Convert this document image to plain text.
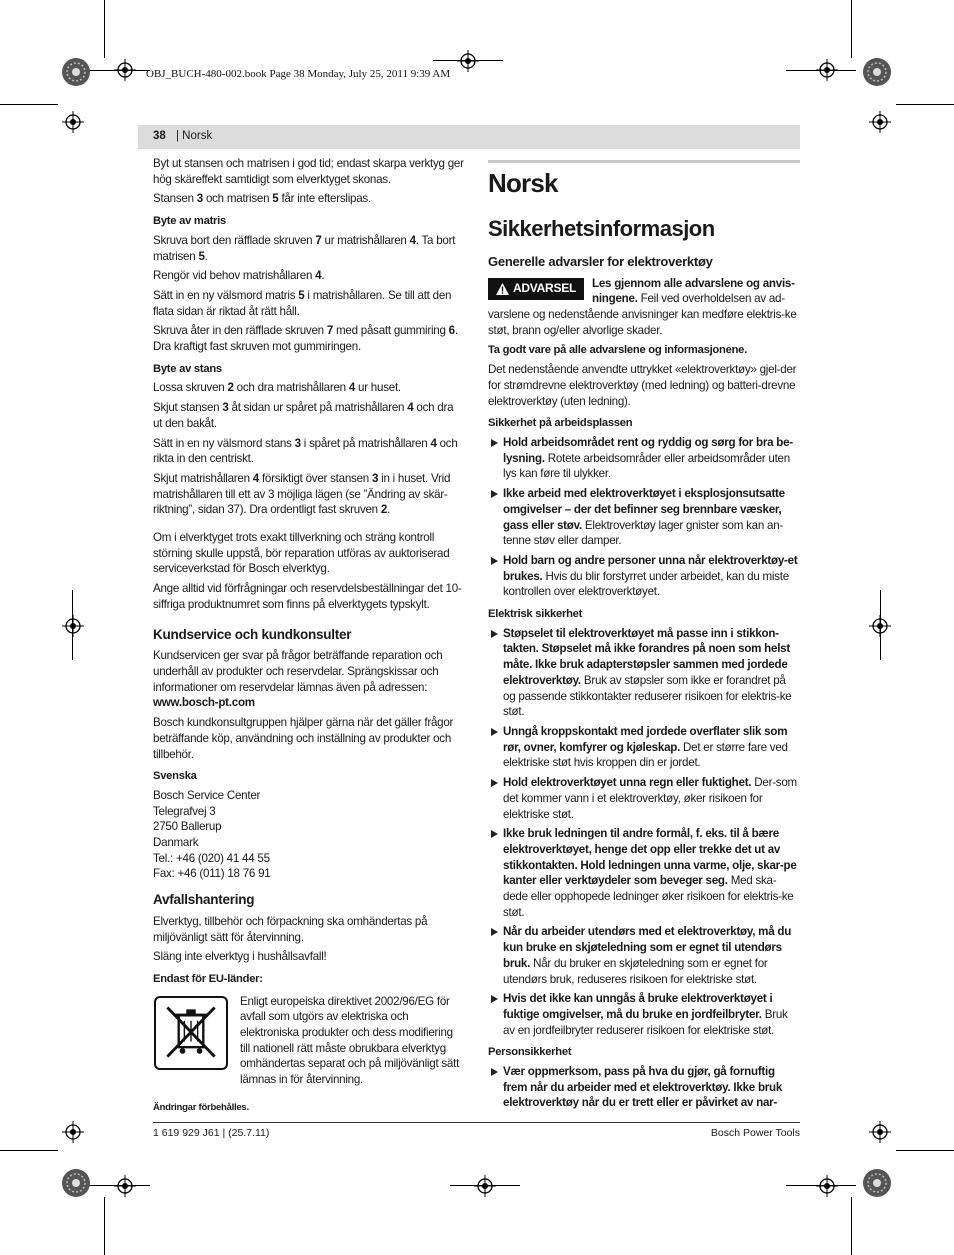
OBJ_BUCH-480-002.book Page 38 Monday, July 25, 2011 9:39 AM
38 | Norsk

Byt ut stansen och matrisen i god tid; endast skarpa verktyg ger hög skäreffekt samtidigt som elverktyget skonas.

Stansen 3 och matrisen 5 får inte efterslipas.

Byte av matris

Skruva bort den räfflade skruven 7 ur matrishållaren 4. Ta bort matrisen 5.

Rengör vid behov matrishållaren 4.

Sätt in en ny välsmord matris 5 i matrishållaren. Se till att den flata sidan är riktad åt rätt håll.

Skruva åter in den räfflade skruven 7 med påsatt gummiring 6. Dra kraftigt fast skruven mot gummiringen.

Byte av stans

Lossa skruven 2 och dra matrishållaren 4 ur huset.

Skjut stansen 3 åt sidan ur spåret på matrishållaren 4 och dra ut den bakåt.

Sätt in en ny välsmord stans 3 i spåret på matrishållaren 4 och rikta in den centriskt.

Skjut matrishållaren 4 försiktigt över stansen 3 in i huset. Vrid matrishållaren till ett av 3 möjliga lägen (se ”Ändring av skär-riktning”, sidan 37). Dra ordentligt fast skruven 2.

Om i elverktyget trots exakt tillverkning och sträng kontroll störning skulle uppstå, bör reparation utföras av auktoriserad serviceverkstad för Bosch elverktyg.

Ange alltid vid förfrågningar och reservdelsbeställningar det 10-siffriga produktnumret som finns på elverktygets typskylt.

Kundservice och kundkonsulter

Kundservicen ger svar på frågor beträffande reparation och underhåll av produkter och reservdelar. Sprängskissar och informationer om reservdelar lämnas även på adressen:
www.bosch-pt.com

Bosch kundkonsultgruppen hjälper gärna när det gäller frågor beträffande köp, användning och inställning av produkter och tillbehör.

Svenska
Bosch Service Center
Telegrafvej 3
2750 Ballerup
Danmark
Tel.: +46 (020) 41 44 55
Fax: +46 (011) 18 76 91
Avfallshantering

Elverktyg, tillbehör och förpackning ska omhändertas på miljövänligt sätt för återvinning.

Släng inte elverktyg i hushållsavfall!

Endast för EU-länder:

Enligt europeiska direktivet 2002/96/EG för avfall som utgörs av elektriska och elektroniska produkter och dess modifiering till nationell rätt måste obrukbara elverktyg omhändertas separat och på miljövänligt sätt lämnas in för återvinning.

Ändringar förbehålles.
Norsk
Sikkerhetsinformasjon
Generelle advarsler for elektroverktøy
ADVARSEL	Les gjennom alle advarslene og anvis-ningene. Feil ved overholdelsen av ad-varslene og nedenstående anvisninger kan medføre elektris-ke støt, brann og/eller alvorlige skader.

Ta godt vare på alle advarslene og informasjonene.

Det nedenstående anvendte uttrykket «elektroverktøy» gjel-der for strømdrevne elektroverktøy (med ledning) og batteri-drevne elektroverktøy (uten ledning).

Sikkerhet på arbeidsplassen
Hold arbeidsområdet rent og ryddig og sørg for bra be-lysning. Rotete arbeidsområder eller arbeidsområder uten lys kan føre til ulykker.
Ikke arbeid med elektroverktøyet i eksplosjonsutsatte omgivelser – der det befinner seg brennbare væsker, gass eller støv. Elektroverktøy lager gnister som kan an-tenne støv eller damper.
Hold barn og andre personer unna når elektroverktøy-et brukes. Hvis du blir forstyrret under arbeidet, kan du miste kontrollen over elektroverktøyet.
Elektrisk sikkerhet
Støpselet til elektroverktøyet må passe inn i stikkon-takten. Støpselet må ikke forandres på noen som helst måte. Ikke bruk adapterstøpsler sammen med jordede elektroverktøy. Bruk av støpsler som ikke er forandret på og passende stikkontakter reduserer risikoen for elektris-ke støt.
Unngå kroppskontakt med jordede overflater slik som rør, ovner, komfyrer og kjøleskap. Det er større fare ved elektriske støt hvis kroppen din er jordet.
Hold elektroverktøyet unna regn eller fuktighet. Der-som det kommer vann i et elektroverktøy, øker risikoen for elektriske støt.
Ikke bruk ledningen til andre formål, f. eks. til å bære elektroverktøyet, henge det opp eller trekke det ut av stikkontakten. Hold ledningen unna varme, olje, skar-pe kanter eller verktøydeler som beveger seg. Med ska-dede eller opphopede ledninger øker risikoen for elektris-ke støt.
Når du arbeider utendørs med et elektroverktøy, må du kun bruke en skjøteledning som er egnet til utendørs bruk. Når du bruker en skjøteledning som er egnet for utendørs bruk, reduseres risikoen for elektriske støt.
Hvis det ikke kan unngås å bruke elektroverktøyet i fuktige omgivelser, må du bruke en jordfeilbryter. Bruk av en jordfeilbryter reduserer risikoen for elektriske støt.
Personsikkerhet
Vær oppmerksom, pass på hva du gjør, gå fornuftig frem når du arbeider med et elektroverktøy. Ikke bruk elektroverktøy når du er trett eller er påvirket av nar-
1 619 929 J61 | (25.7.11)	Bosch Power Tools
